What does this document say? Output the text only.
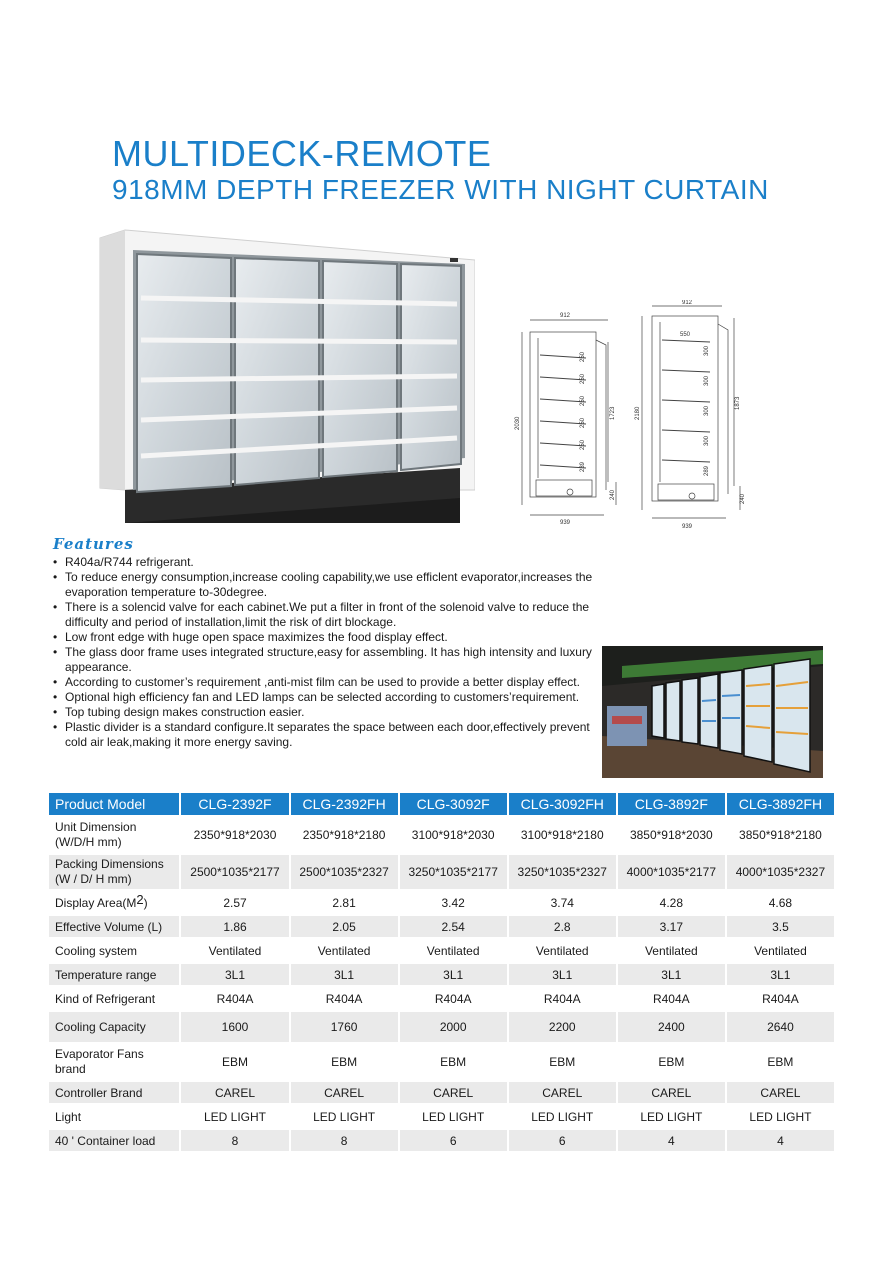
MULTIDECK-REMOTE
918MM DEPTH FREEZER WITH NIGHT CURTAIN
912
939
2030
1723
240
239
250
250
250
250
250
912
550
939
2180
1873
240
289
300
300
300
300
Features
• R404a/R744 refrigerant.
• To reduce energy consumption,increase cooling capability,we use efficlent evaporator,increases the evaporation temperature to-30degree.
• There is a solencid valve for each cabinet.We put a filter in front of the solenoid valve to reduce the difficulty and period of installation,limit the risk of dirt blockage.
• Low front edge with huge open space maximizes the food display effect.
• The glass door frame uses integrated structure,easy for assembling. It has high intensity and luxury appearance.
• According to customer’s requirement ,anti-mist film can be used to provide a better display effect.
• Optional high efficiency fan and LED lamps can be selected according to customers’requirement.
• Top tubing design makes construction easier.
• Plastic divider is a standard configure.It separates the space between each door,effectively prevent cold air leak,making it more energy saving.
Product Model	CLG-2392F	CLG-2392FH	CLG-3092F	CLG-3092FH	CLG-3892F	CLG-3892FH
Unit Dimension
(W/D/H mm)	2350*918*2030	2350*918*2180	3100*918*2030	3100*918*2180	3850*918*2030	3850*918*2180
Packing Dimensions
(W / D/ H mm)	2500*1035*2177	2500*1035*2327	3250*1035*2177	3250*1035*2327	4000*1035*2177	4000*1035*2327
Display Area(M2)	2.57	2.81	3.42	3.74	4.28	4.68
Effective Volume (L)	1.86	2.05	2.54	2.8	3.17	3.5
Cooling system	Ventilated	Ventilated	Ventilated	Ventilated	Ventilated	Ventilated
Temperature range	3L1	3L1	3L1	3L1	3L1	3L1
Kind of Refrigerant	R404A	R404A	R404A	R404A	R404A	R404A
Cooling Capacity	1600	1760	2000	2200	2400	2640
Evaporator Fans
brand	EBM	EBM	EBM	EBM	EBM	EBM
Controller Brand	CAREL	CAREL	CAREL	CAREL	CAREL	CAREL
Light	LED LIGHT	LED LIGHT	LED LIGHT	LED LIGHT	LED LIGHT	LED LIGHT
40 ' Container load	8	8	6	6	4	4
